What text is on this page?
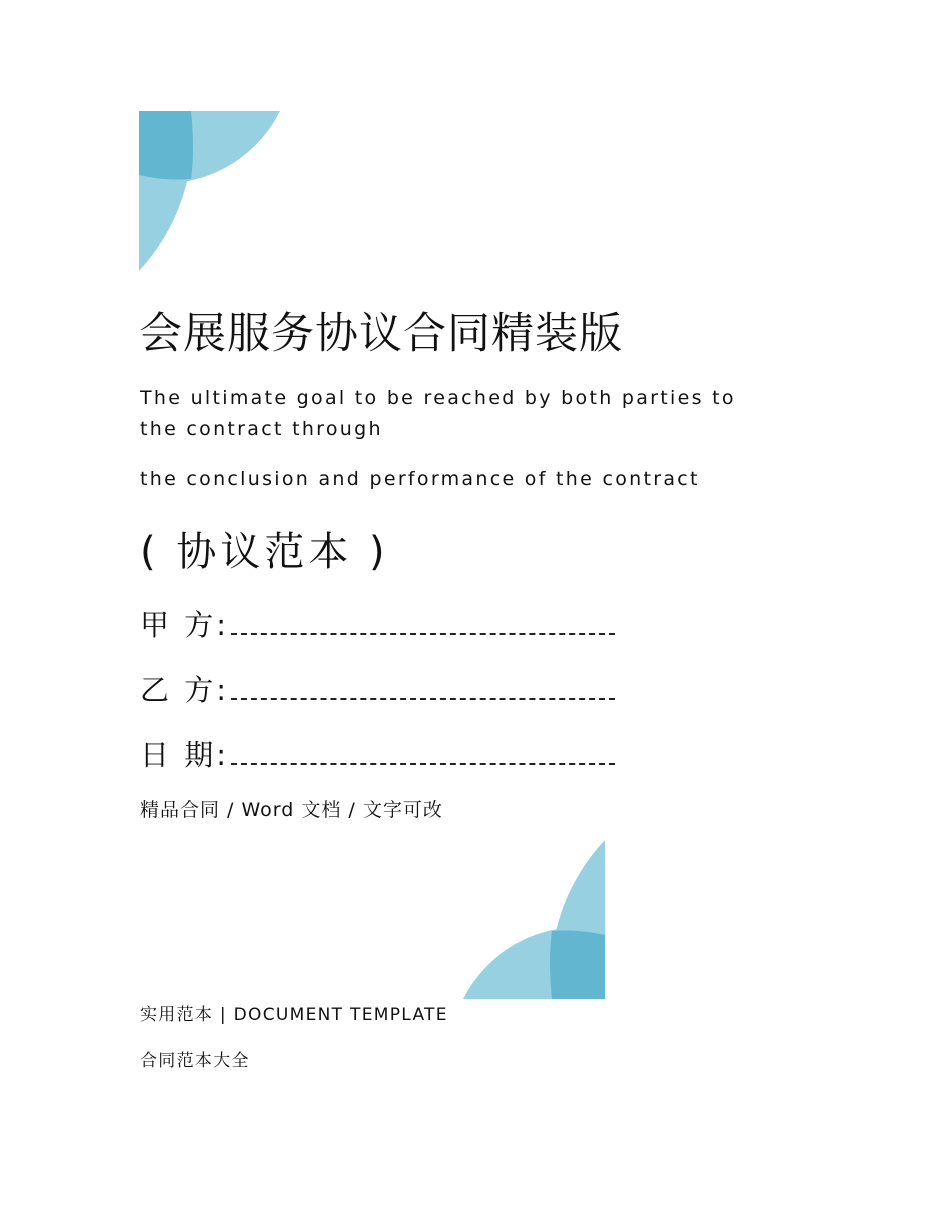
会展服务协议合同精装版

The ultimate goal to be reached by both parties to the contract through

the conclusion and performance of the contract

( 协议范本 )

甲 方:

乙 方:

日 期:

精品合同 / Word 文档 / 文字可改

实用范本 | DOCUMENT TEMPLATE

合同范本大全
